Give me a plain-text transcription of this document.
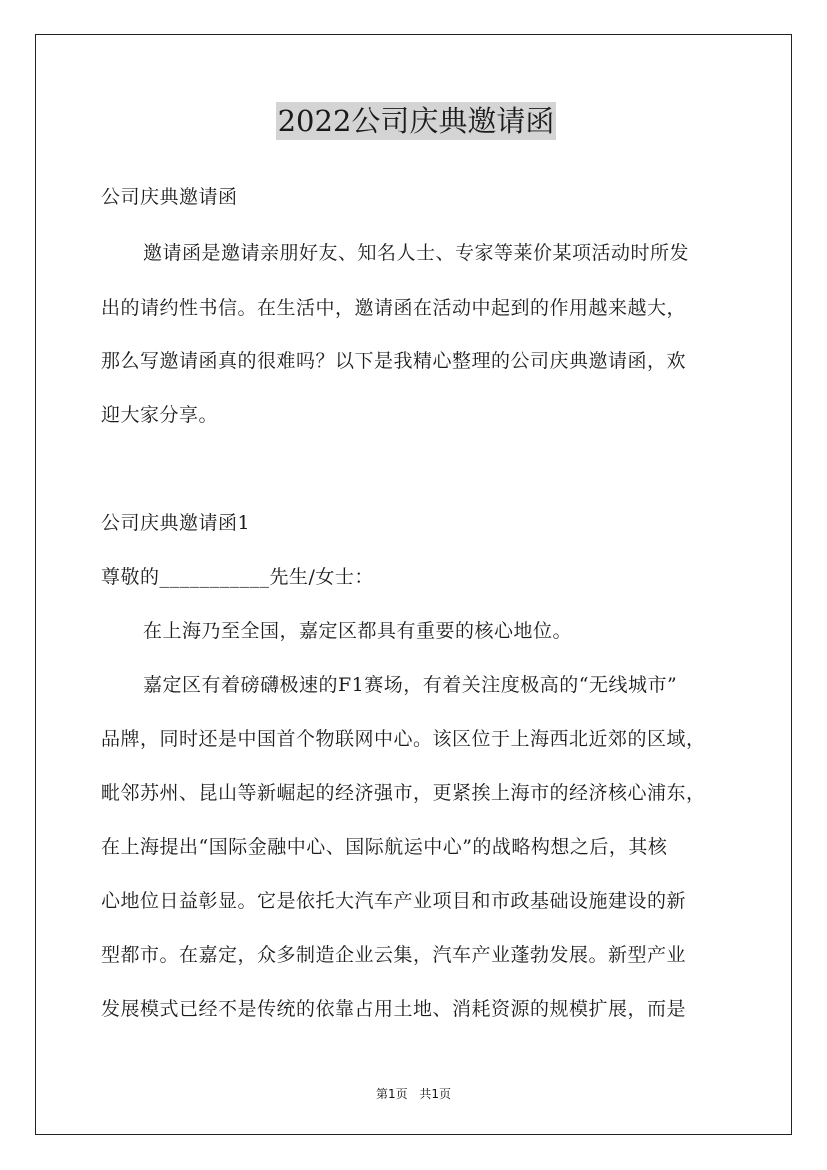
2022公司庆典邀请函
公司庆典邀请函
邀请函是邀请亲朋好友、知名人士、专家等莱价某项活动时所发
出的请约性书信。在生活中，邀请函在活动中起到的作用越来越大，
那么写邀请函真的很难吗？以下是我精心整理的公司庆典邀请函，欢
迎大家分享。
公司庆典邀请函1
尊敬的___________先生/女士：
在上海乃至全国，嘉定区都具有重要的核心地位。
嘉定区有着磅礴极速的F1赛场，有着关注度极高的“无线城市”
品牌，同时还是中国首个物联网中心。该区位于上海西北近郊的区域，
毗邻苏州、昆山等新崛起的经济强市，更紧挨上海市的经济核心浦东，
在上海提出“国际金融中心、国际航运中心”的战略构想之后，其核
心地位日益彰显。它是依托大汽车产业项目和市政基础设施建设的新
型都市。在嘉定，众多制造企业云集，汽车产业蓬勃发展。新型产业
发展模式已经不是传统的依靠占用土地、消耗资源的规模扩展，而是
第1页 共1页
